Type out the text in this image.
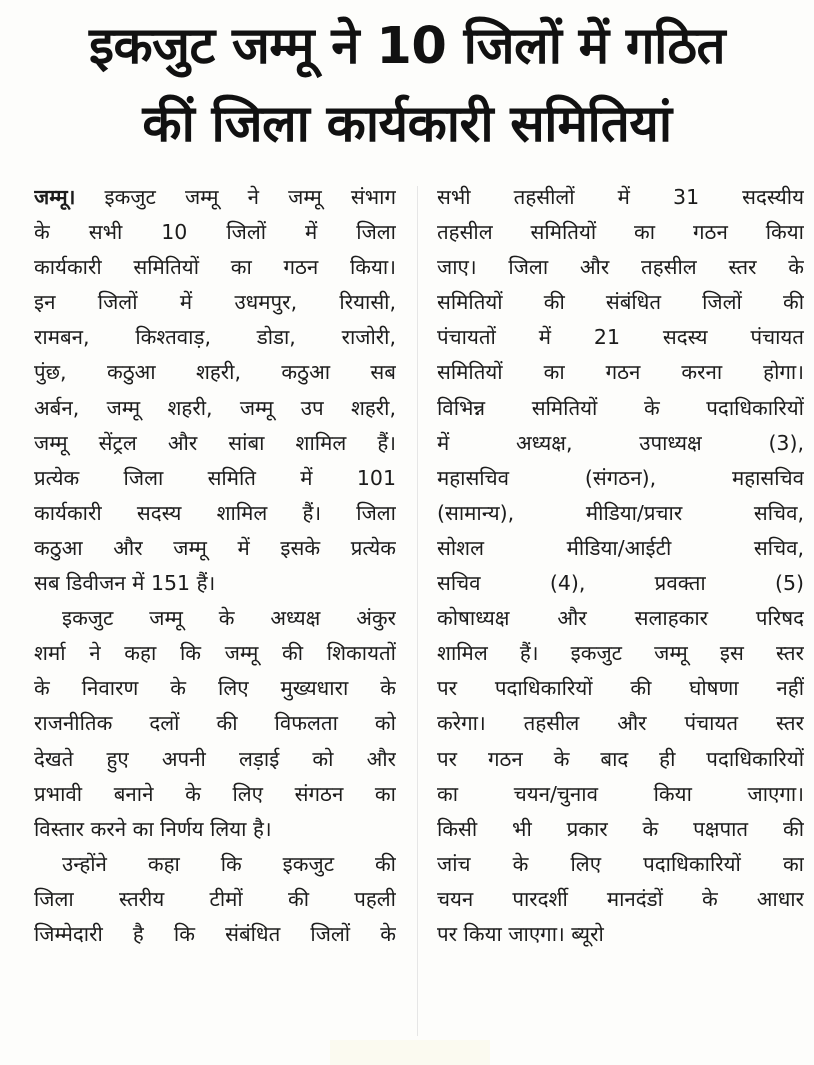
इकजुट जम्मू ने 10 जिलों में गठित
कीं जिला कार्यकारी समितियां
जम्मू। इकजुट जम्मू ने जम्मू संभाग
के सभी 10 जिलों में जिला
कार्यकारी समितियों का गठन किया।
इन जिलों में उधमपुर, रियासी,
रामबन, किश्तवाड़, डोडा, राजोरी,
पुंछ, कठुआ शहरी, कठुआ सब
अर्बन, जम्मू शहरी, जम्मू उप शहरी,
जम्मू सेंट्रल और सांबा शामिल हैं।
प्रत्येक जिला समिति में 101
कार्यकारी सदस्य शामिल हैं। जिला
कठुआ और जम्मू में इसके प्रत्येक
सब डिवीजन में 151 हैं।
इकजुट जम्मू के अध्यक्ष अंकुर
शर्मा ने कहा कि जम्मू की शिकायतों
के निवारण के लिए मुख्यधारा के
राजनीतिक दलों की विफलता को
देखते हुए अपनी लड़ाई को और
प्रभावी बनाने के लिए संगठन का
विस्तार करने का निर्णय लिया है।
उन्होंने कहा कि इकजुट की
जिला स्तरीय टीमों की पहली
जिम्मेदारी है कि संबंधित जिलों के
सभी तहसीलों में 31 सदस्यीय
तहसील समितियों का गठन किया
जाए। जिला और तहसील स्तर के
समितियों की संबंधित जिलों की
पंचायतों में 21 सदस्य पंचायत
समितियों का गठन करना होगा।
विभिन्न समितियों के पदाधिकारियों
में अध्यक्ष, उपाध्यक्ष (3),
महासचिव (संगठन), महासचिव
(सामान्य), मीडिया/प्रचार सचिव,
सोशल मीडिया/आईटी सचिव,
सचिव (4), प्रवक्ता (5)
कोषाध्यक्ष और सलाहकार परिषद
शामिल हैं। इकजुट जम्मू इस स्तर
पर पदाधिकारियों की घोषणा नहीं
करेगा। तहसील और पंचायत स्तर
पर गठन के बाद ही पदाधिकारियों
का चयन/चुनाव किया जाएगा।
किसी भी प्रकार के पक्षपात की
जांच के लिए पदाधिकारियों का
चयन पारदर्शी मानदंडों के आधार
पर किया जाएगा। ब्यूरो
